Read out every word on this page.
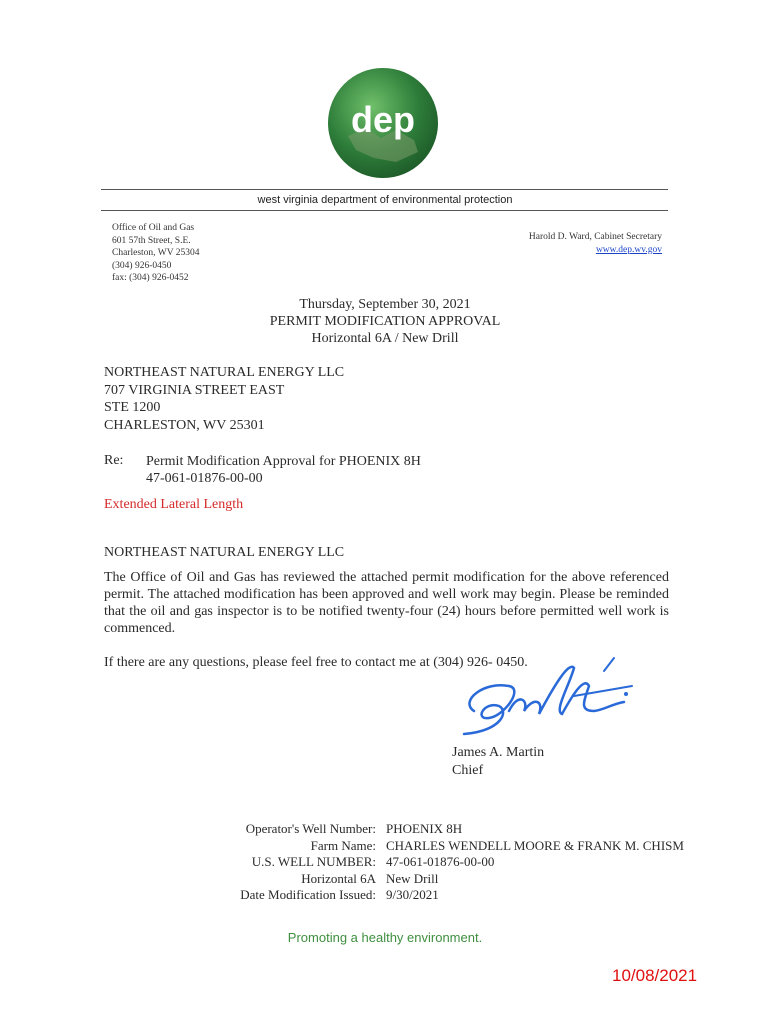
dep
west virginia department of environmental protection
Office of Oil and Gas
601 57th Street, S.E.
Charleston, WV 25304
(304) 926-0450
fax: (304) 926-0452
Harold D. Ward, Cabinet Secretary
www.dep.wv.gov
Thursday, September 30, 2021
PERMIT MODIFICATION APPROVAL
Horizontal 6A / New Drill
NORTHEAST NATURAL ENERGY LLC
707 VIRGINIA STREET EAST
STE 1200
CHARLESTON, WV 25301
Re: Permit Modification Approval for PHOENIX 8H
47-061-01876-00-00
Extended Lateral Length
NORTHEAST NATURAL ENERGY LLC
The Office of Oil and Gas has reviewed the attached permit modification for the above referenced permit. The attached modification has been approved and well work may begin. Please be reminded that the oil and gas inspector is to be notified twenty-four (24) hours before permitted well work is commenced.
If there are any questions, please feel free to contact me at (304) 926- 0450.
James A. Martin
Chief
Operator's Well Number: PHOENIX 8H
Farm Name: CHARLES WENDELL MOORE & FRANK M. CHISM
U.S. WELL NUMBER: 47-061-01876-00-00
Horizontal 6A New Drill
Date Modification Issued: 9/30/2021
Promoting a healthy environment.
10/08/2021
